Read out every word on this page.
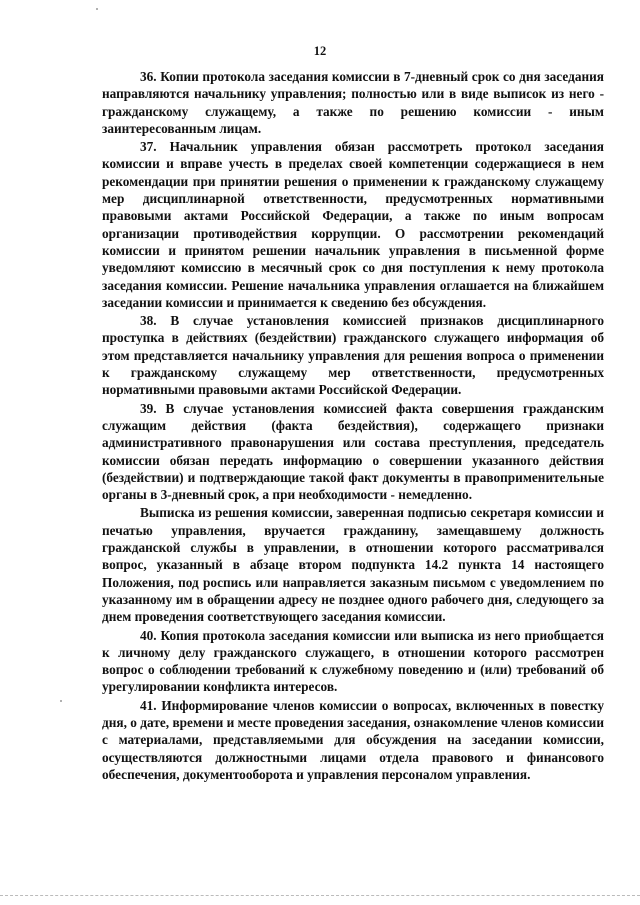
12

36. Копии протокола заседания комиссии в 7-дневный срок со дня заседания направляются начальнику управления; полностью или в виде выписок из него - гражданскому служащему, а также по решению комиссии - иным заинтересованным лицам.

37. Начальник управления обязан рассмотреть протокол заседания комиссии и вправе учесть в пределах своей компетенции содержащиеся в нем рекомендации при принятии решения о применении к гражданскому служащему мер дисциплинарной ответственности, предусмотренных нормативными правовыми актами Российской Федерации, а также по иным вопросам организации противодействия коррупции. О рассмотрении рекомендаций комиссии и принятом решении начальник управления в письменной форме уведомляют комиссию в месячный срок со дня поступления к нему протокола заседания комиссии. Решение начальника управления оглашается на ближайшем заседании комиссии и принимается к сведению без обсуждения.

38. В случае установления комиссией признаков дисциплинарного проступка в действиях (бездействии) гражданского служащего информация об этом представляется начальнику управления для решения вопроса о применении к гражданскому служащему мер ответственности, предусмотренных нормативными правовыми актами Российской Федерации.

39. В случае установления комиссией факта совершения гражданским служащим действия (факта бездействия), содержащего признаки административного правонарушения или состава преступления, председатель комиссии обязан передать информацию о совершении указанного действия (бездействии) и подтверждающие такой факт документы в правоприменительные органы в 3-дневный срок, а при необходимости - немедленно.

Выписка из решения комиссии, заверенная подписью секретаря комиссии и печатью управления, вручается гражданину, замещавшему должность гражданской службы в управлении, в отношении которого рассматривался вопрос, указанный в абзаце втором подпункта 14.2 пункта 14 настоящего Положения, под роспись или направляется заказным письмом с уведомлением по указанному им в обращении адресу не позднее одного рабочего дня, следующего за днем проведения соответствующего заседания комиссии.

40. Копия протокола заседания комиссии или выписка из него приобщается к личному делу гражданского служащего, в отношении которого рассмотрен вопрос о соблюдении требований к служебному поведению и (или) требований об урегулировании конфликта интересов.

41. Информирование членов комиссии о вопросах, включенных в повестку дня, о дате, времени и месте проведения заседания, ознакомление членов комиссии с материалами, представляемыми для обсуждения на заседании комиссии, осуществляются должностными лицами отдела правового и финансового обеспечения, документооборота и управления персоналом управления.
